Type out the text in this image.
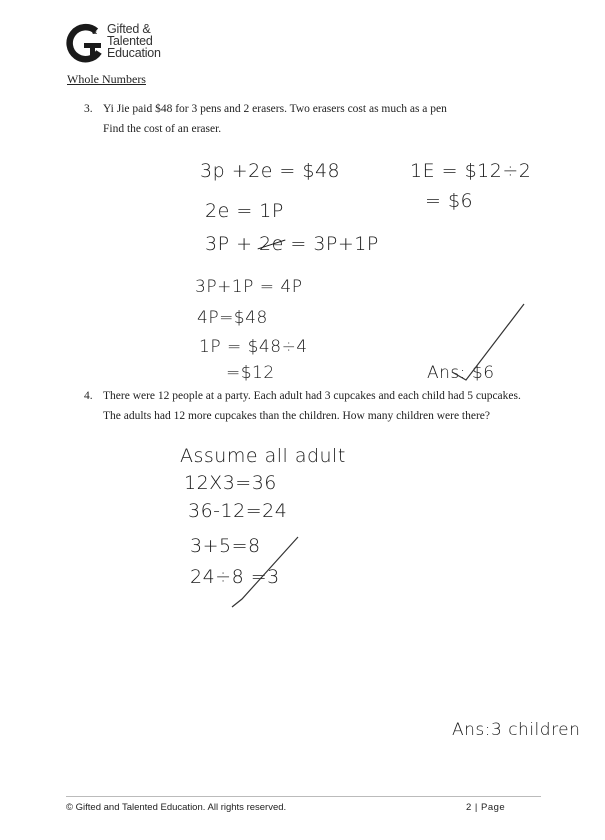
& Gifted &
Talented
Education
Whole Numbers
3. Yi Jie paid $48 for 3 pens and 2 erasers. Two erasers cost as much as a pen
Find the cost of an eraser.
3p +2e = $48
2e = 1P
3P + 2e = 3P+1P
3P+1P = 4P
4P=$48
1P = $48÷4
=$12
1E = $12÷2
= $6
Ans: $6
4. There were 12 people at a party. Each adult had 3 cupcakes and each child had 5 cupcakes.
The adults had 12 more cupcakes than the children. How many children were there?
Assume all adult
12X3=36
36-12=24
3+5=8
24÷8 =3
Ans:3 children
© Gifted and Talented Education. All rights reserved.	2 | Page
